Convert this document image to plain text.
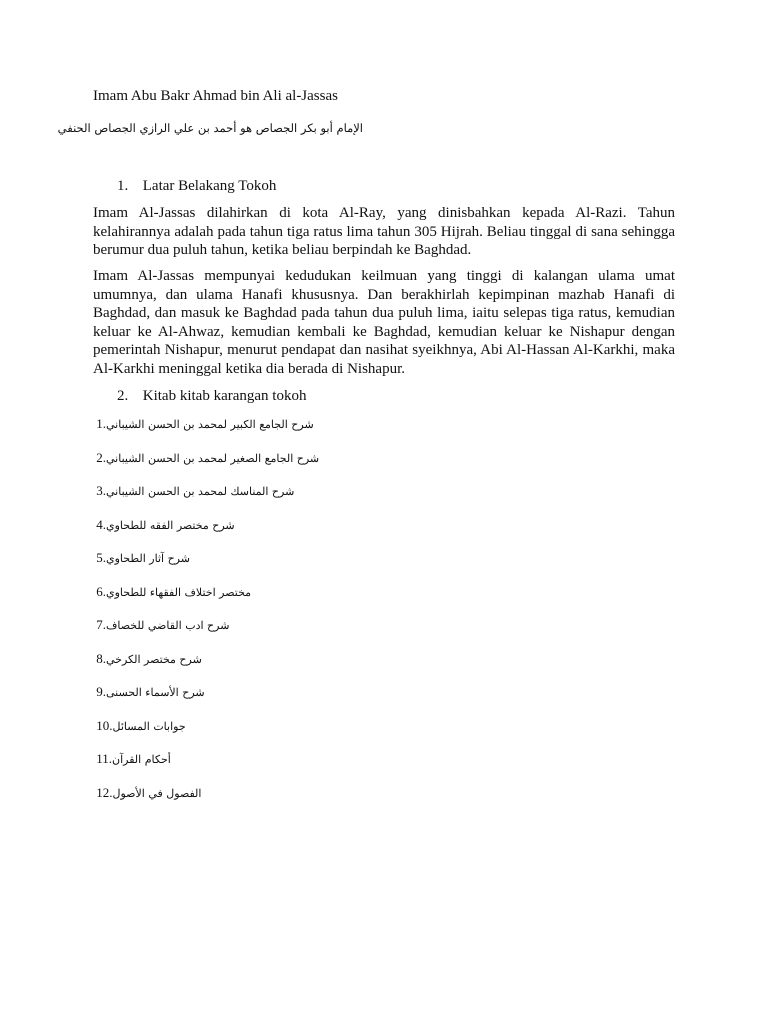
Imam Abu Bakr Ahmad bin Ali al-Jassas
الإمام أبو بكر الجصاص هو أحمد بن علي الرازي الجصاص الحنفي
1. Latar Belakang Tokoh

Imam Al-Jassas dilahirkan di kota Al-Ray, yang dinisbahkan kepada Al-Razi. Tahun kelahirannya adalah pada tahun tiga ratus lima tahun 305 Hijrah. Beliau tinggal di sana sehingga berumur dua puluh tahun, ketika beliau berpindah ke Baghdad.

Imam Al-Jassas mempunyai kedudukan keilmuan yang tinggi di kalangan ulama umat umumnya, dan ulama Hanafi khususnya. Dan berakhirlah kepimpinan mazhab Hanafi di Baghdad, dan masuk ke Baghdad pada tahun dua puluh lima, iaitu selepas tiga ratus, kemudian keluar ke Al-Ahwaz, kemudian kembali ke Baghdad, kemudian keluar ke Nishapur dengan pemerintah Nishapur, menurut pendapat dan nasihat syeikhnya, Abi Al-Hassan Al-Karkhi, maka Al-Karkhi meninggal ketika dia berada di Nishapur.

2. Kitab kitab karangan tokoh
شرح الجامع الكبير لمحمد بن الحسن الشيباني 1.
شرح الجامع الصغير لمحمد بن الحسن الشيباني 2.
شرح المناسك لمحمد بن الحسن الشيباني 3.
شرح مختصر الفقه للطحاوي 4.
شرح آثار الطحاوي 5.
مختصر اختلاف الفقهاء للطحاوي 6.
شرح ادب القاضي للخصاف 7.
شرح مختصر الكرخي 8.
شرح الأسماء الحسنى 9.
جوابات المسائل 10.
أحكام القرآن 11.
الفصول في الأصول 12.
